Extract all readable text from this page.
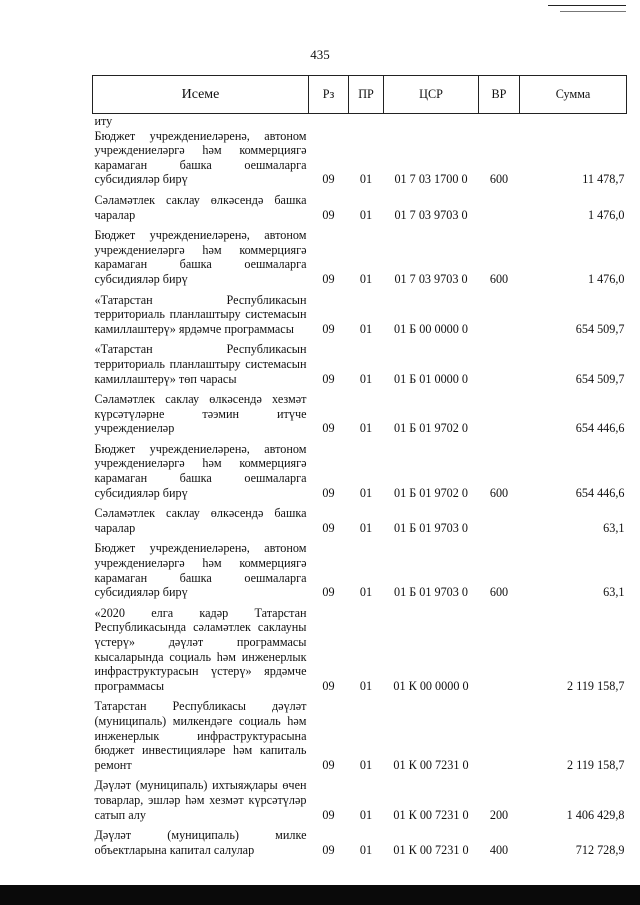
435
Исеме	Рз	ПР	ЦСР	ВР	Сумма
иту					
Бюджет учреждениеләренә, автоном учреждениеләргә һәм коммерциягә карамаган башка оешмаларга субсидияләр бирү	09	01	01 7 03 1700 0	600	11 478,7
Сәламәтлек саклау өлкәсендә башка чаралар	09	01	01 7 03 9703 0		1 476,0
Бюджет учреждениеләренә, автоном учреждениеләргә һәм коммерциягә карамаган башка оешмаларга субсидияләр бирү	09	01	01 7 03 9703 0	600	1 476,0
«Татарстан Республикасын территориаль планлаштыру системасын камиллаштерү» ярдәмче программасы	09	01	01 Б 00 0000 0		654 509,7
«Татарстан Республикасын территориаль планлаштыру системасын камиллаштерү» төп чарасы	09	01	01 Б 01 0000 0		654 509,7
Сәламәтлек саклау өлкәсендә хезмәт күрсәтүләрне тәэмин итүче учреждениеләр	09	01	01 Б 01 9702 0		654 446,6
Бюджет учреждениеләренә, автоном учреждениеләргә һәм коммерциягә карамаган башка оешмаларга субсидияләр бирү	09	01	01 Б 01 9702 0	600	654 446,6
Сәламәтлек саклау өлкәсендә башка чаралар	09	01	01 Б 01 9703 0		63,1
Бюджет учреждениеләренә, автоном учреждениеләргә һәм коммерциягә карамаган башка оешмаларга субсидияләр бирү	09	01	01 Б 01 9703 0	600	63,1
«2020 елга кадәр Татарстан Республикасында сәламәтлек саклауны үстерү» дәүләт программасы кысаларында социаль һәм инженерлык инфраструктурасын үстерү» ярдәмче программасы	09	01	01 К 00 0000 0		2 119 158,7
Татарстан Республикасы дәүләт (муниципаль) милкендәге социаль һәм инженерлык инфраструктурасына бюджет инвестицияләре һәм капиталь ремонт	09	01	01 К 00 7231 0		2 119 158,7
Дәүләт (муниципаль) ихтыяҗлары өчен товарлар, эшләр һәм хезмәт күрсәтүләр сатып алу	09	01	01 К 00 7231 0	200	1 406 429,8
Дәүләт (муниципаль) милке объектларына капитал салулар	09	01	01 К 00 7231 0	400	712 728,9
